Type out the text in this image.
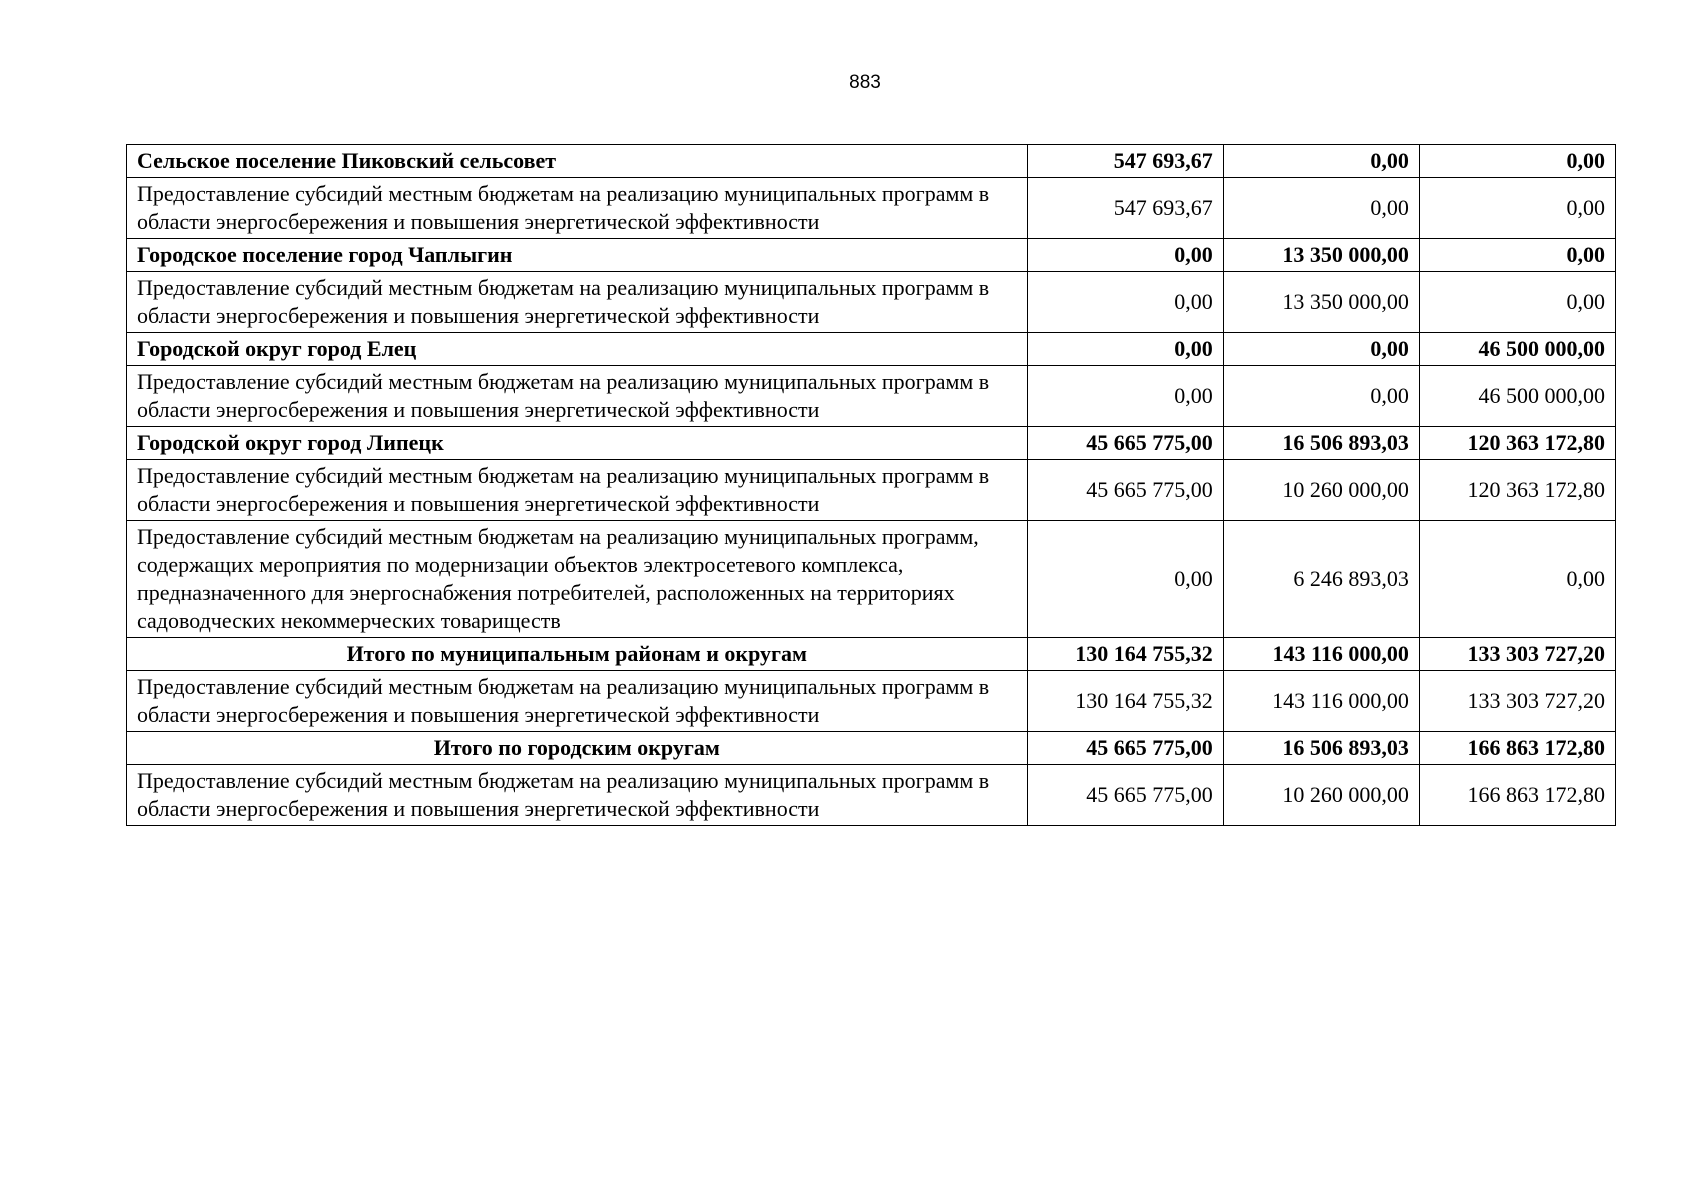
883
Сельское поселение Пиковский сельсовет	547 693,67	0,00	0,00
Предоставление субсидий местным бюджетам на реализацию муниципальных программ в области энергосбережения и повышения энергетической эффективности	547 693,67	0,00	0,00
Городское поселение город Чаплыгин	0,00	13 350 000,00	0,00
Предоставление субсидий местным бюджетам на реализацию муниципальных программ в области энергосбережения и повышения энергетической эффективности	0,00	13 350 000,00	0,00
Городской округ город Елец	0,00	0,00	46 500 000,00
Предоставление субсидий местным бюджетам на реализацию муниципальных программ в области энергосбережения и повышения энергетической эффективности	0,00	0,00	46 500 000,00
Городской округ город Липецк	45 665 775,00	16 506 893,03	120 363 172,80
Предоставление субсидий местным бюджетам на реализацию муниципальных программ в области энергосбережения и повышения энергетической эффективности	45 665 775,00	10 260 000,00	120 363 172,80
Предоставление субсидий местным бюджетам на реализацию муниципальных программ, содержащих мероприятия по модернизации объектов электросетевого комплекса, предназначенного для энергоснабжения потребителей, расположенных на территориях садоводческих некоммерческих товариществ	0,00	6 246 893,03	0,00
Итого по муниципальным районам и округам	130 164 755,32	143 116 000,00	133 303 727,20
Предоставление субсидий местным бюджетам на реализацию муниципальных программ в области энергосбережения и повышения энергетической эффективности	130 164 755,32	143 116 000,00	133 303 727,20
Итого по городским округам	45 665 775,00	16 506 893,03	166 863 172,80
Предоставление субсидий местным бюджетам на реализацию муниципальных программ в области энергосбережения и повышения энергетической эффективности	45 665 775,00	10 260 000,00	166 863 172,80
